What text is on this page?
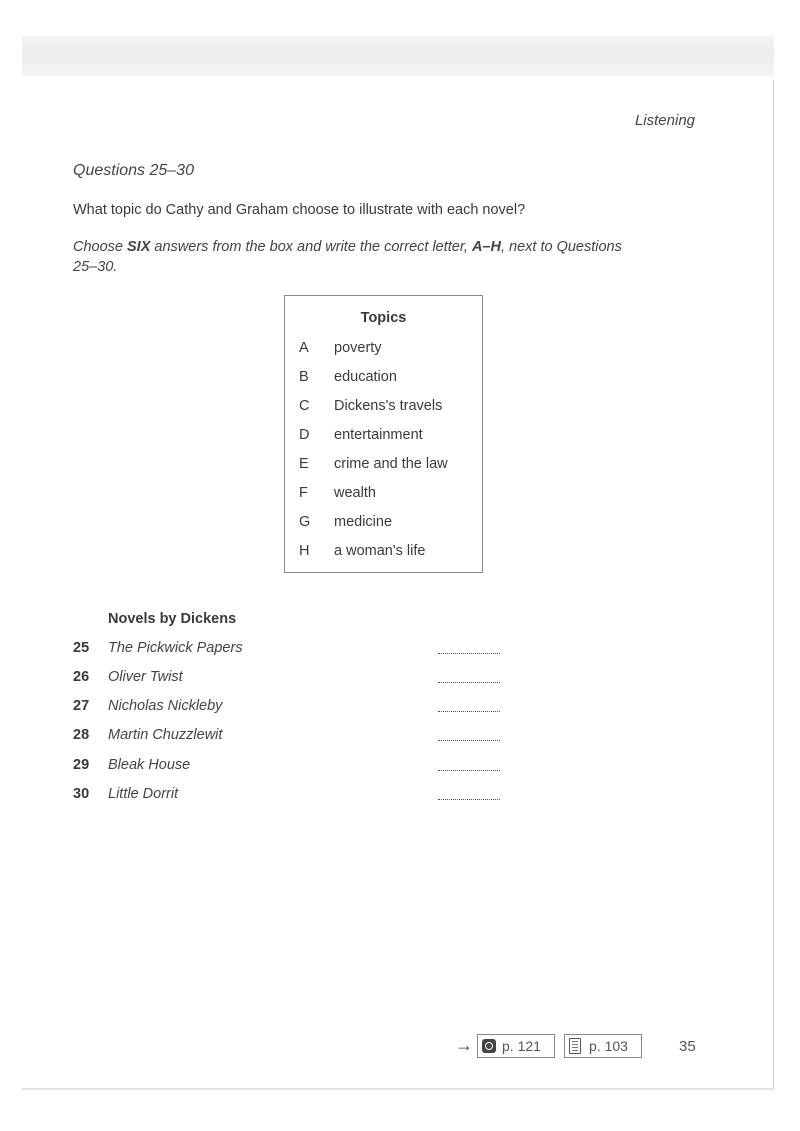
Listening
Questions 25–30
What topic do Cathy and Graham choose to illustrate with each novel?
Choose SIX answers from the box and write the correct letter, A–H, next to Questions 25–30.
Topics
A poverty
B education
C Dickens's travels
D entertainment
E crime and the law
F wealth
G medicine
H a woman's life
Novels by Dickens
25 The Pickwick Papers
26 Oliver Twist
27 Nicholas Nickleby
28 Martin Chuzzlewit
29 Bleak House
30 Little Dorrit
→	p. 121	p. 103	35
